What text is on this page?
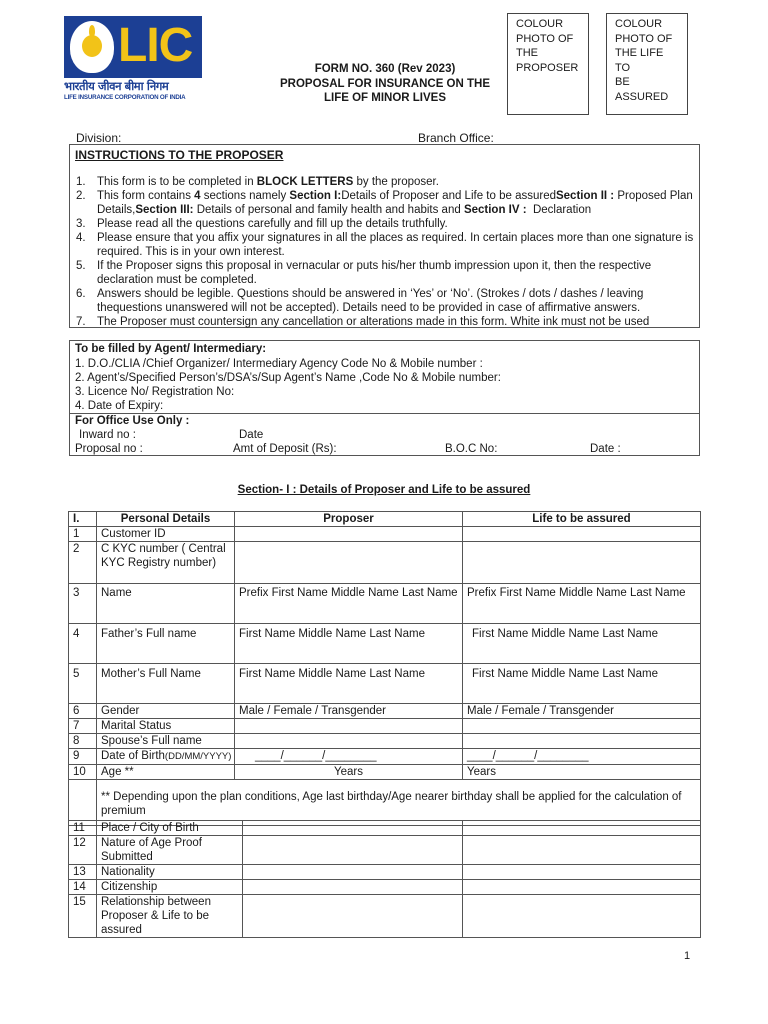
LIC
भारतीय जीवन बीमा निगम
LIFE INSURANCE CORPORATION OF INDIA
FORM NO. 360 (Rev 2023)
PROPOSAL FOR INSURANCE ON THE
LIFE OF MINOR LIVES
COLOUR
PHOTO OF
THE
PROPOSER
COLOUR
PHOTO OF
THE LIFE TO
BE
ASSURED
Division:	Branch Office:
INSTRUCTIONS TO THE PROPOSER
1. This form is to be completed in BLOCK LETTERS by the proposer.
2. This form contains 4 sections namely Section I:Details of Proposer and Life to be assuredSection II : Proposed Plan Details,Section III: Details of personal and family health and habits and Section IV :  Declaration
3. Please read all the questions carefully and fill up the details truthfully.
4. Please ensure that you affix your signatures in all the places as required. In certain places more than one signature is required. This is in your own interest.
5. If the Proposer signs this proposal in vernacular or puts his/her thumb impression upon it, then the respective declaration must be completed.
6. Answers should be legible. Questions should be answered in ‘Yes’ or ‘No’. (Strokes / dots / dashes / leaving thequestions unanswered will not be accepted). Details need to be provided in case of affirmative answers.
7. The Proposer must countersign any cancellation or alterations made in this form. White ink must not be used
To be filled by Agent/ Intermediary:
1. D.O./CLIA /Chief Organizer/ Intermediary Agency Code No & Mobile number :
2. Agent’s/Specified Person’s/DSA’s/Sup Agent’s Name ,Code No & Mobile number:
3. Licence No/ Registration No:
4. Date of Expiry:
For Office Use Only :
Inward no :	Date
Proposal no :	Amt of Deposit (Rs):	B.O.C No:	Date :
Section- I : Details of Proposer and Life to be assured
I.	Personal Details	Proposer	Life to be assured
1	Customer ID		
2	C KYC number ( Central KYC Registry number)		
3	Name	Prefix First Name Middle Name Last Name	Prefix First Name Middle Name Last Name
4	Father’s Full name	First Name Middle Name Last Name	First Name Middle Name Last Name
5	Mother’s Full Name	First Name Middle Name Last Name	First Name Middle Name Last Name
6	Gender	Male / Female / Transgender	Male / Female / Transgender
7	Marital Status		
8	Spouse’s Full name		
9	Date of Birth(DD/MM/YYYY)	____/______/________	____/______/________
10	Age **	Years	Years
	** Depending upon the plan conditions, Age last birthday/Age nearer birthday shall be applied for the calculation of premium		
11	Place / City of Birth		
12	Nature of Age Proof Submitted		
13	Nationality		
14	Citizenship		
15	Relationship between Proposer & Life to be assured		
1
